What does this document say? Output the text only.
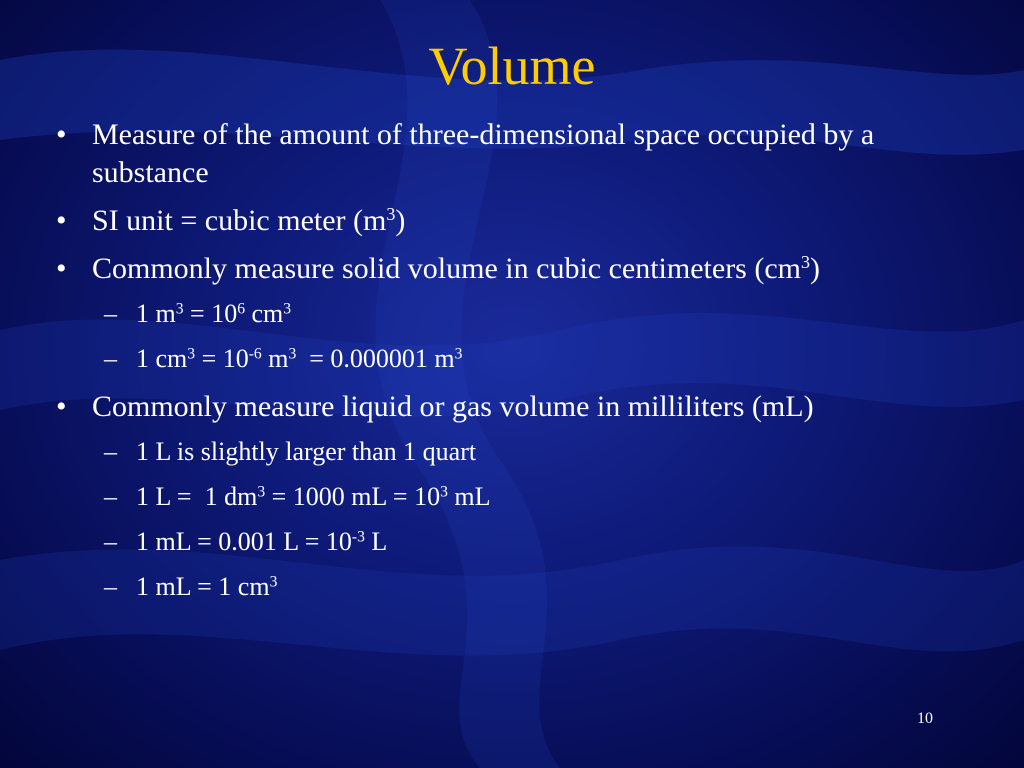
Volume
• Measure of the amount of three-dimensional space occupied by a substance
• SI unit = cubic meter $(m^3)$
• Commonly measure solid volume in cubic centimeters $(cm^3)$
– 1 $m^3 = 10^6$ $cm^3$
– 1 $cm^3 = 10^{-6}$ $m^3 = 0.000001$ $m^3$
• Commonly measure liquid or gas volume in milliliters (mL)
– 1 L is slightly larger than 1 quart
– 1 L =  1 $dm^3 = 1000$ mL = $10^3$ mL
– 1 mL = 0.001 $L = 10^{-3}$ L
– 1 mL = 1 $cm^3$
10
